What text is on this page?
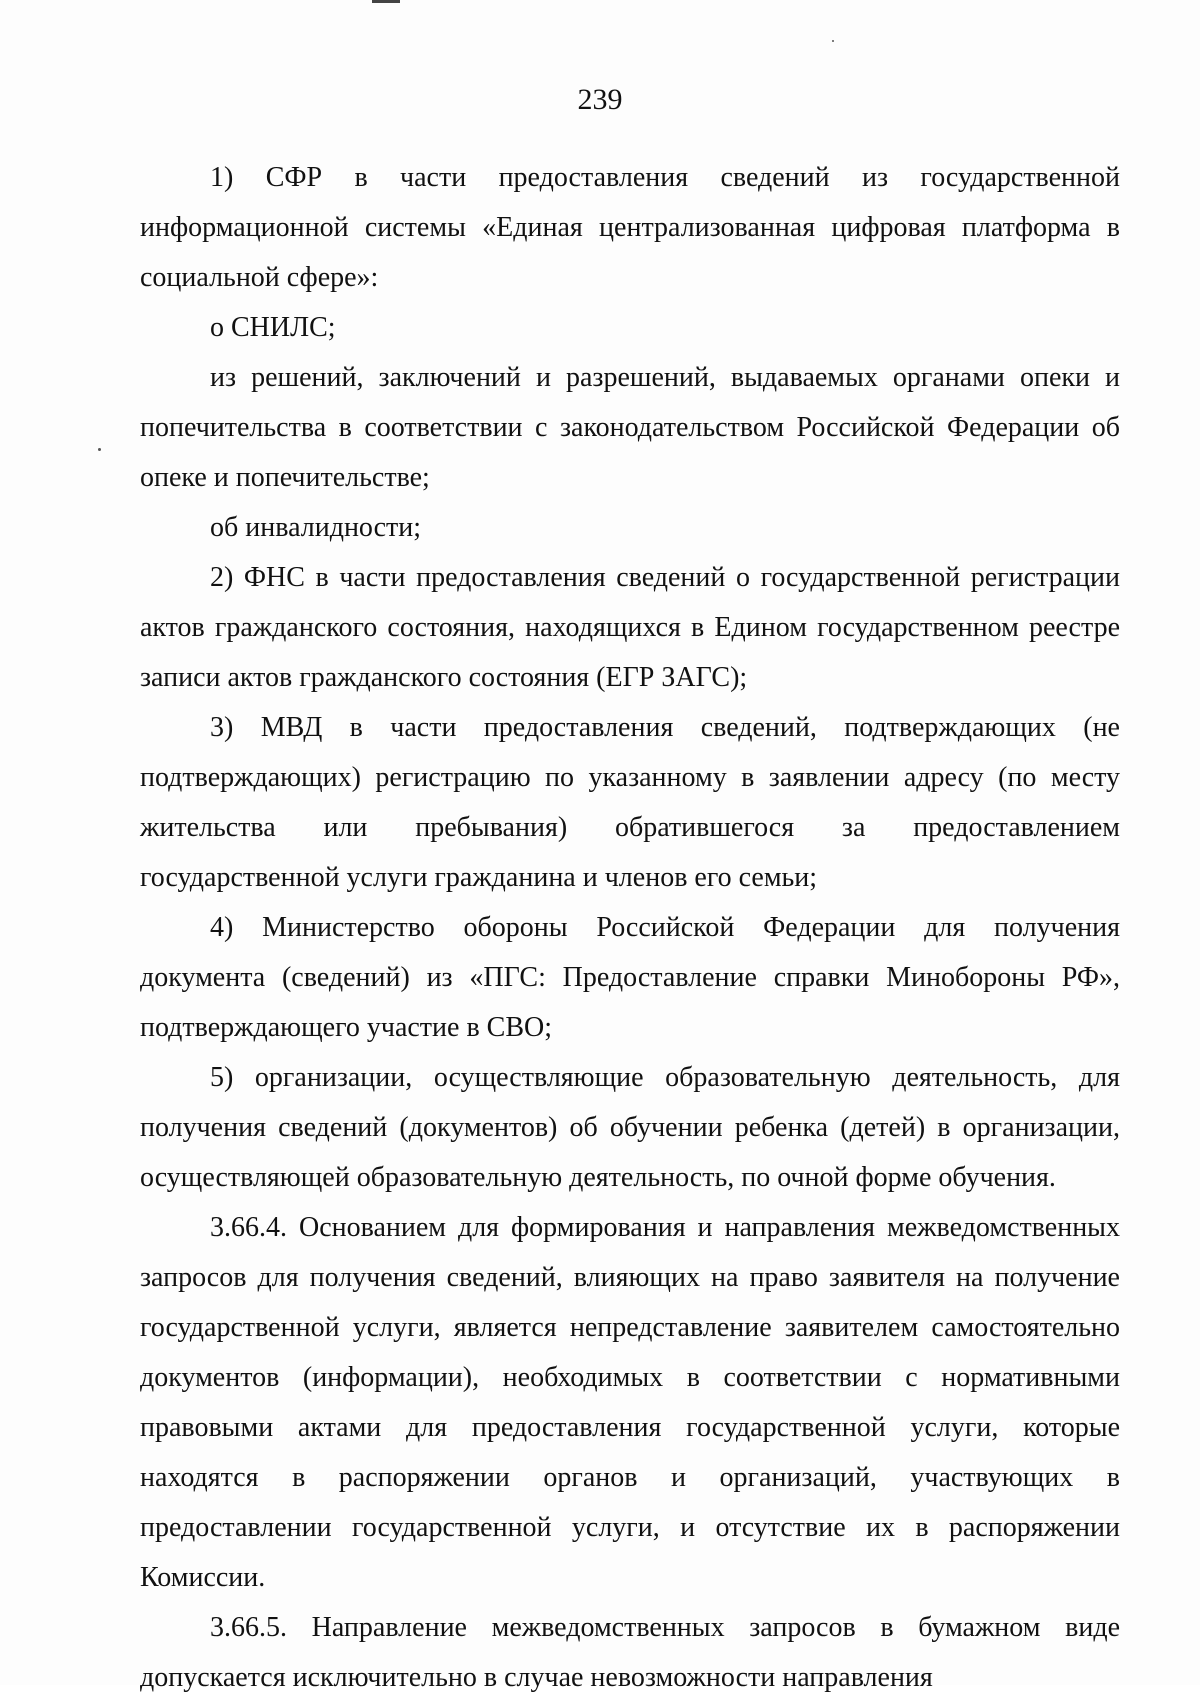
239

1) СФР в части предоставления сведений из государственной информационной системы «Единая централизованная цифровая платформа в социальной сфере»:

о СНИЛС;

из решений, заключений и разрешений, выдаваемых органами опеки и попечительства в соответствии с законодательством Российской Федерации об опеке и попечительстве;

об инвалидности;

2) ФНС в части предоставления сведений о государственной регистрации актов гражданского состояния, находящихся в Едином государственном реестре записи актов гражданского состояния (ЕГР ЗАГС);

3) МВД в части предоставления сведений, подтверждающих (не подтверждающих) регистрацию по указанному в заявлении адресу (по месту жительства или пребывания) обратившегося за предоставлением государственной услуги гражданина и членов его семьи;

4) Министерство обороны Российской Федерации для получения документа (сведений) из «ПГС: Предоставление справки Минобороны РФ», подтверждающего участие в СВО;

5) организации, осуществляющие образовательную деятельность, для получения сведений (документов) об обучении ребенка (детей) в организации, осуществляющей образовательную деятельность, по очной форме обучения.

3.66.4. Основанием для формирования и направления межведомственных запросов для получения сведений, влияющих на право заявителя на получение государственной услуги, является непредставление заявителем самостоятельно документов (информации), необходимых в соответствии с нормативными правовыми актами для предоставления государственной услуги, которые находятся в распоряжении органов и организаций, участвующих в предоставлении государственной услуги, и отсутствие их в распоряжении Комиссии.

3.66.5. Направление межведомственных запросов в бумажном виде допускается исключительно в случае невозможности направления
